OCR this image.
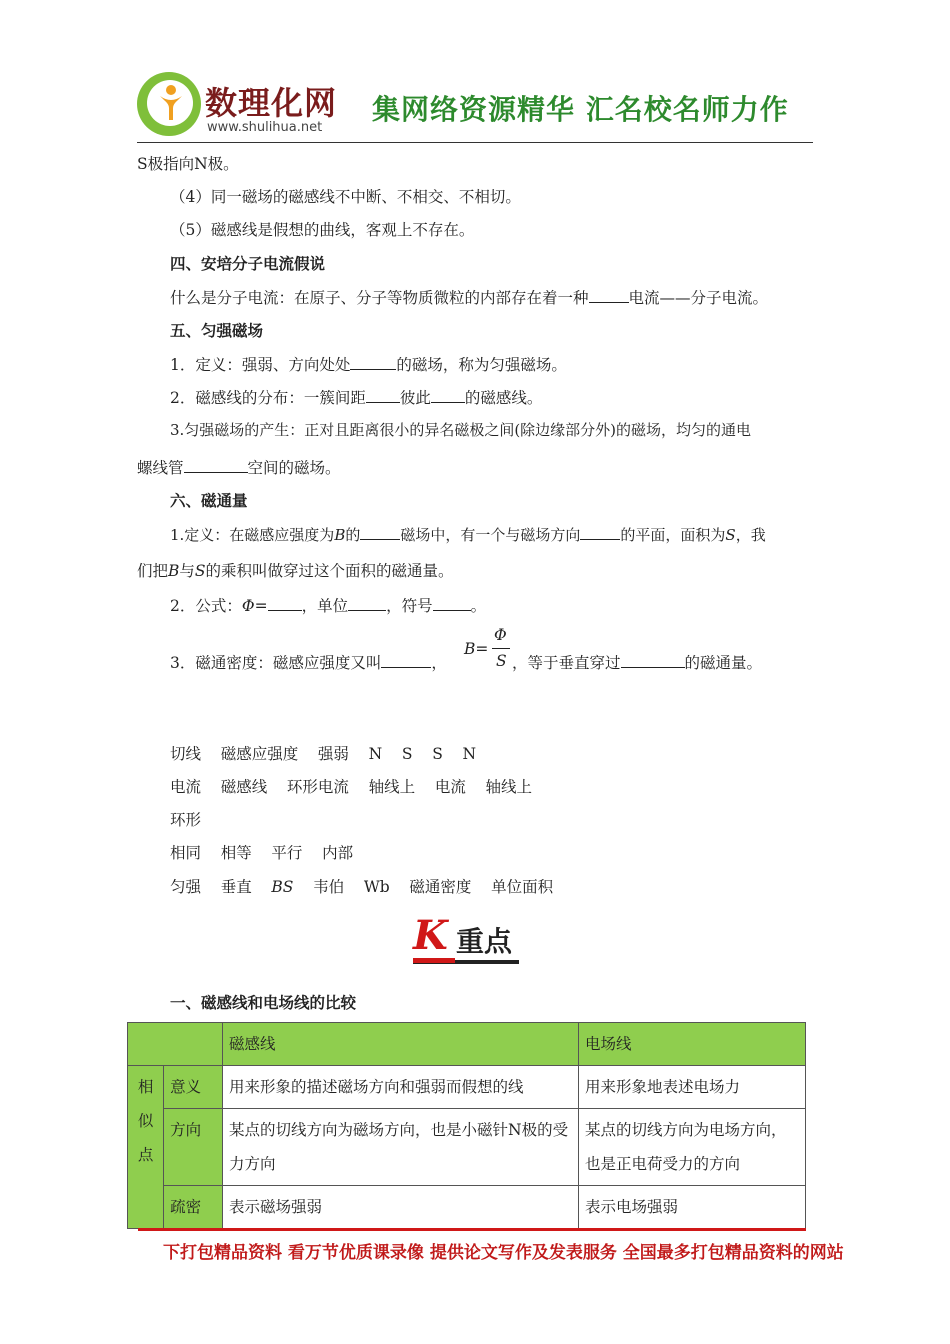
数理化网
www.shulihua.net
集网络资源精华 汇名校名师力作
S极指向N极。
（4）同一磁场的磁感线不中断、不相交、不相切。
（5）磁感线是假想的曲线，客观上不存在。
四、安培分子电流假说
什么是分子电流：在原子、分子等物质微粒的内部存在着一种	电流——分子电流。
五、匀强磁场
1．定义：强弱、方向处处	的磁场，称为匀强磁场。
2．磁感线的分布：一簇间距 彼此 的磁感线。
3.匀强磁场的产生：正对且距离很小的异名磁极之间(除边缘部分外)的磁场，均匀的通电
螺线管	空间的磁场。
六、磁通量
1.定义：在磁感应强度为B的	磁场中，有一个与磁场方向	的平面，面积为S，我
们把B与S的乘积叫做穿过这个面积的磁通量。
2．公式：Φ= ，单位 ，符号 。
3．磁通密度：磁感应强度又叫	，
B=
Φ
S ，等于垂直穿过	的磁通量。
切线    磁感应强度    强弱    N    S    S    N
电流    磁感线    环形电流    轴线上    电流    轴线上
环形
相同    相等    平行    内部
匀强    垂直    BS    韦伯    Wb    磁通密度    单位面积
K 重点
一、磁感线和电场线的比较
		磁感线	电场线

相似点	意义	用来形象的描述磁场方向和强弱而假想的线	用来形象地表述电场力
	方向	某点的切线方向为磁场方向，也是小磁针N极的受力方向	某点的切线方向为电场方向，也是正电荷受力的方向
	疏密	表示磁场强弱	表示电场强弱
下打包精品资料 看万节优质课录像 提供论文写作及发表服务 全国最多打包精品资料的网站
